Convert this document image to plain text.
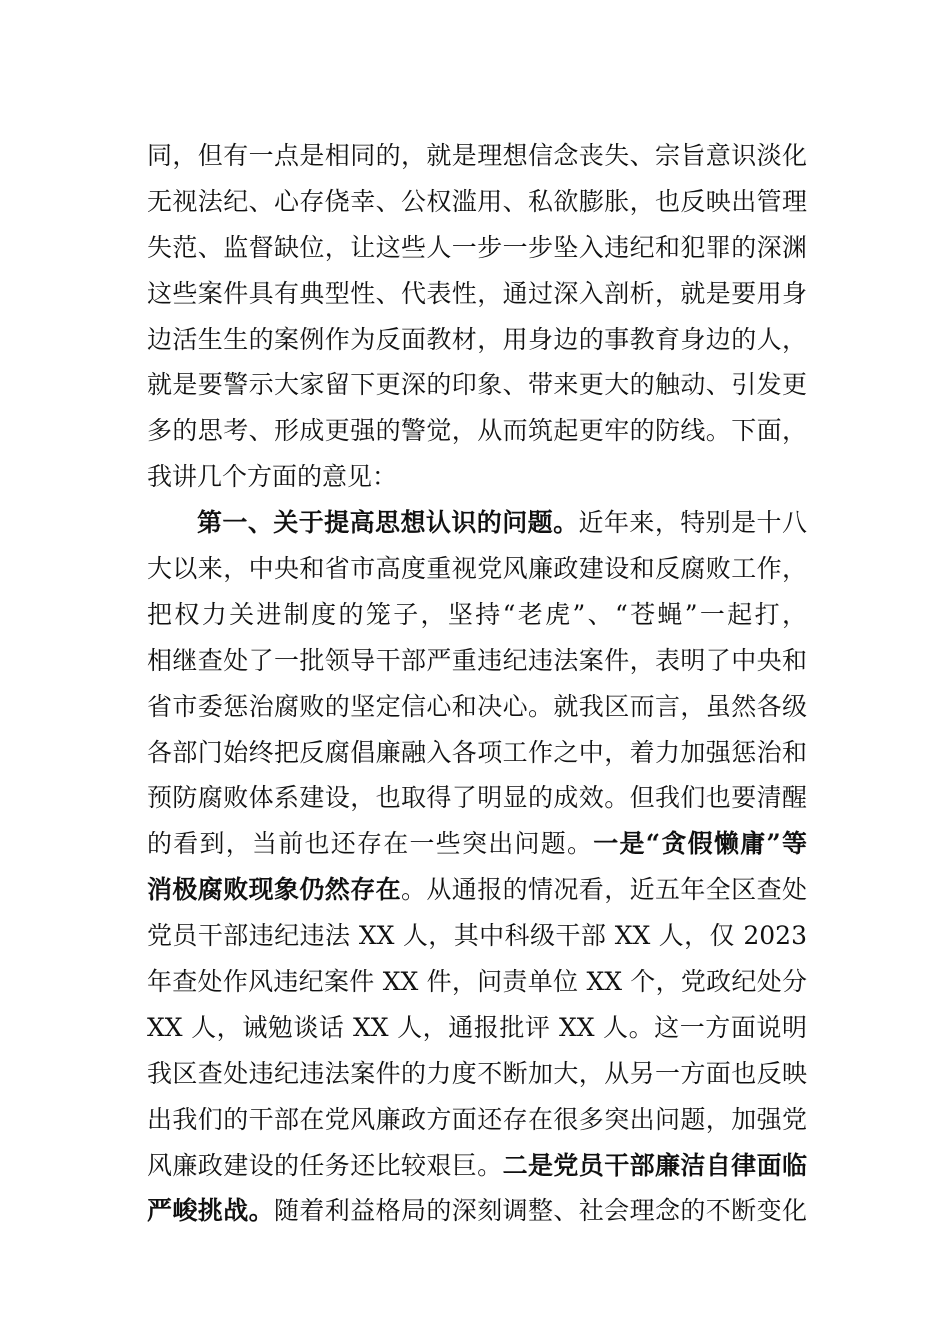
同，但有一点是相同的，就是理想信念丧失、宗旨意识淡化
无视法纪、心存侥幸、公权滥用、私欲膨胀，也反映出管理
失范、监督缺位，让这些人一步一步坠入违纪和犯罪的深渊
这些案件具有典型性、代表性，通过深入剖析，就是要用身
边活生生的案例作为反面教材，用身边的事教育身边的人，
就是要警示大家留下更深的印象、带来更大的触动、引发更
多的思考、形成更强的警觉，从而筑起更牢的防线。下面，
我讲几个方面的意见：
第一、关于提高思想认识的问题。近年来，特别是十八
大以来，中央和省市高度重视党风廉政建设和反腐败工作，
把权力关进制度的笼子，坚持“老虎”、“苍蝇”一起打，
相继查处了一批领导干部严重违纪违法案件，表明了中央和
省市委惩治腐败的坚定信心和决心。就我区而言，虽然各级
各部门始终把反腐倡廉融入各项工作之中，着力加强惩治和
预防腐败体系建设，也取得了明显的成效。但我们也要清醒
的看到，当前也还存在一些突出问题。一是“贪假懒庸”等
消极腐败现象仍然存在。从通报的情况看，近五年全区查处
党员干部违纪违法 XX 人，其中科级干部 XX 人，仅 2023
年查处作风违纪案件 XX 件，问责单位 XX 个，党政纪处分
XX 人，诫勉谈话 XX 人，通报批评 XX 人。这一方面说明
我区查处违纪违法案件的力度不断加大，从另一方面也反映
出我们的干部在党风廉政方面还存在很多突出问题，加强党
风廉政建设的任务还比较艰巨。二是党员干部廉洁自律面临
严峻挑战。随着利益格局的深刻调整、社会理念的不断变化
